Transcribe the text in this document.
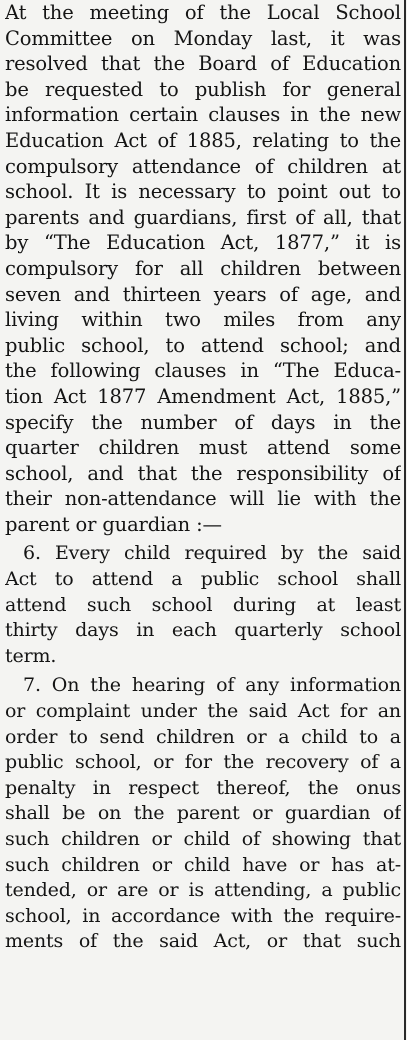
At the meeting of the Local School
Committee on Monday last, it was
resolved that the Board of Education
be requested to publish for general
information certain clauses in the new
Education Act of 1885, relating to the
compulsory attendance of children at
school. It is necessary to point out to
parents and guardians, first of all, that
by “The Education Act, 1877,” it is
compulsory for all children between
seven and thirteen years of age, and
living within two miles from any
public school, to attend school; and
the following clauses in “The Educa-
tion Act 1877 Amendment Act, 1885,”
specify the number of days in the
quarter children must attend some
school, and that the responsibility of
their non-attendance will lie with the
parent or guardian :—
6. Every child required by the said
Act to attend a public school shall
attend such school during at least
thirty days in each quarterly school
term.
7. On the hearing of any information
or complaint under the said Act for an
order to send children or a child to a
public school, or for the recovery of a
penalty in respect thereof, the onus
shall be on the parent or guardian of
such children or child of showing that
such children or child have or has at-
tended, or are or is attending, a public
school, in accordance with the require-
ments of the said Act, or that such
